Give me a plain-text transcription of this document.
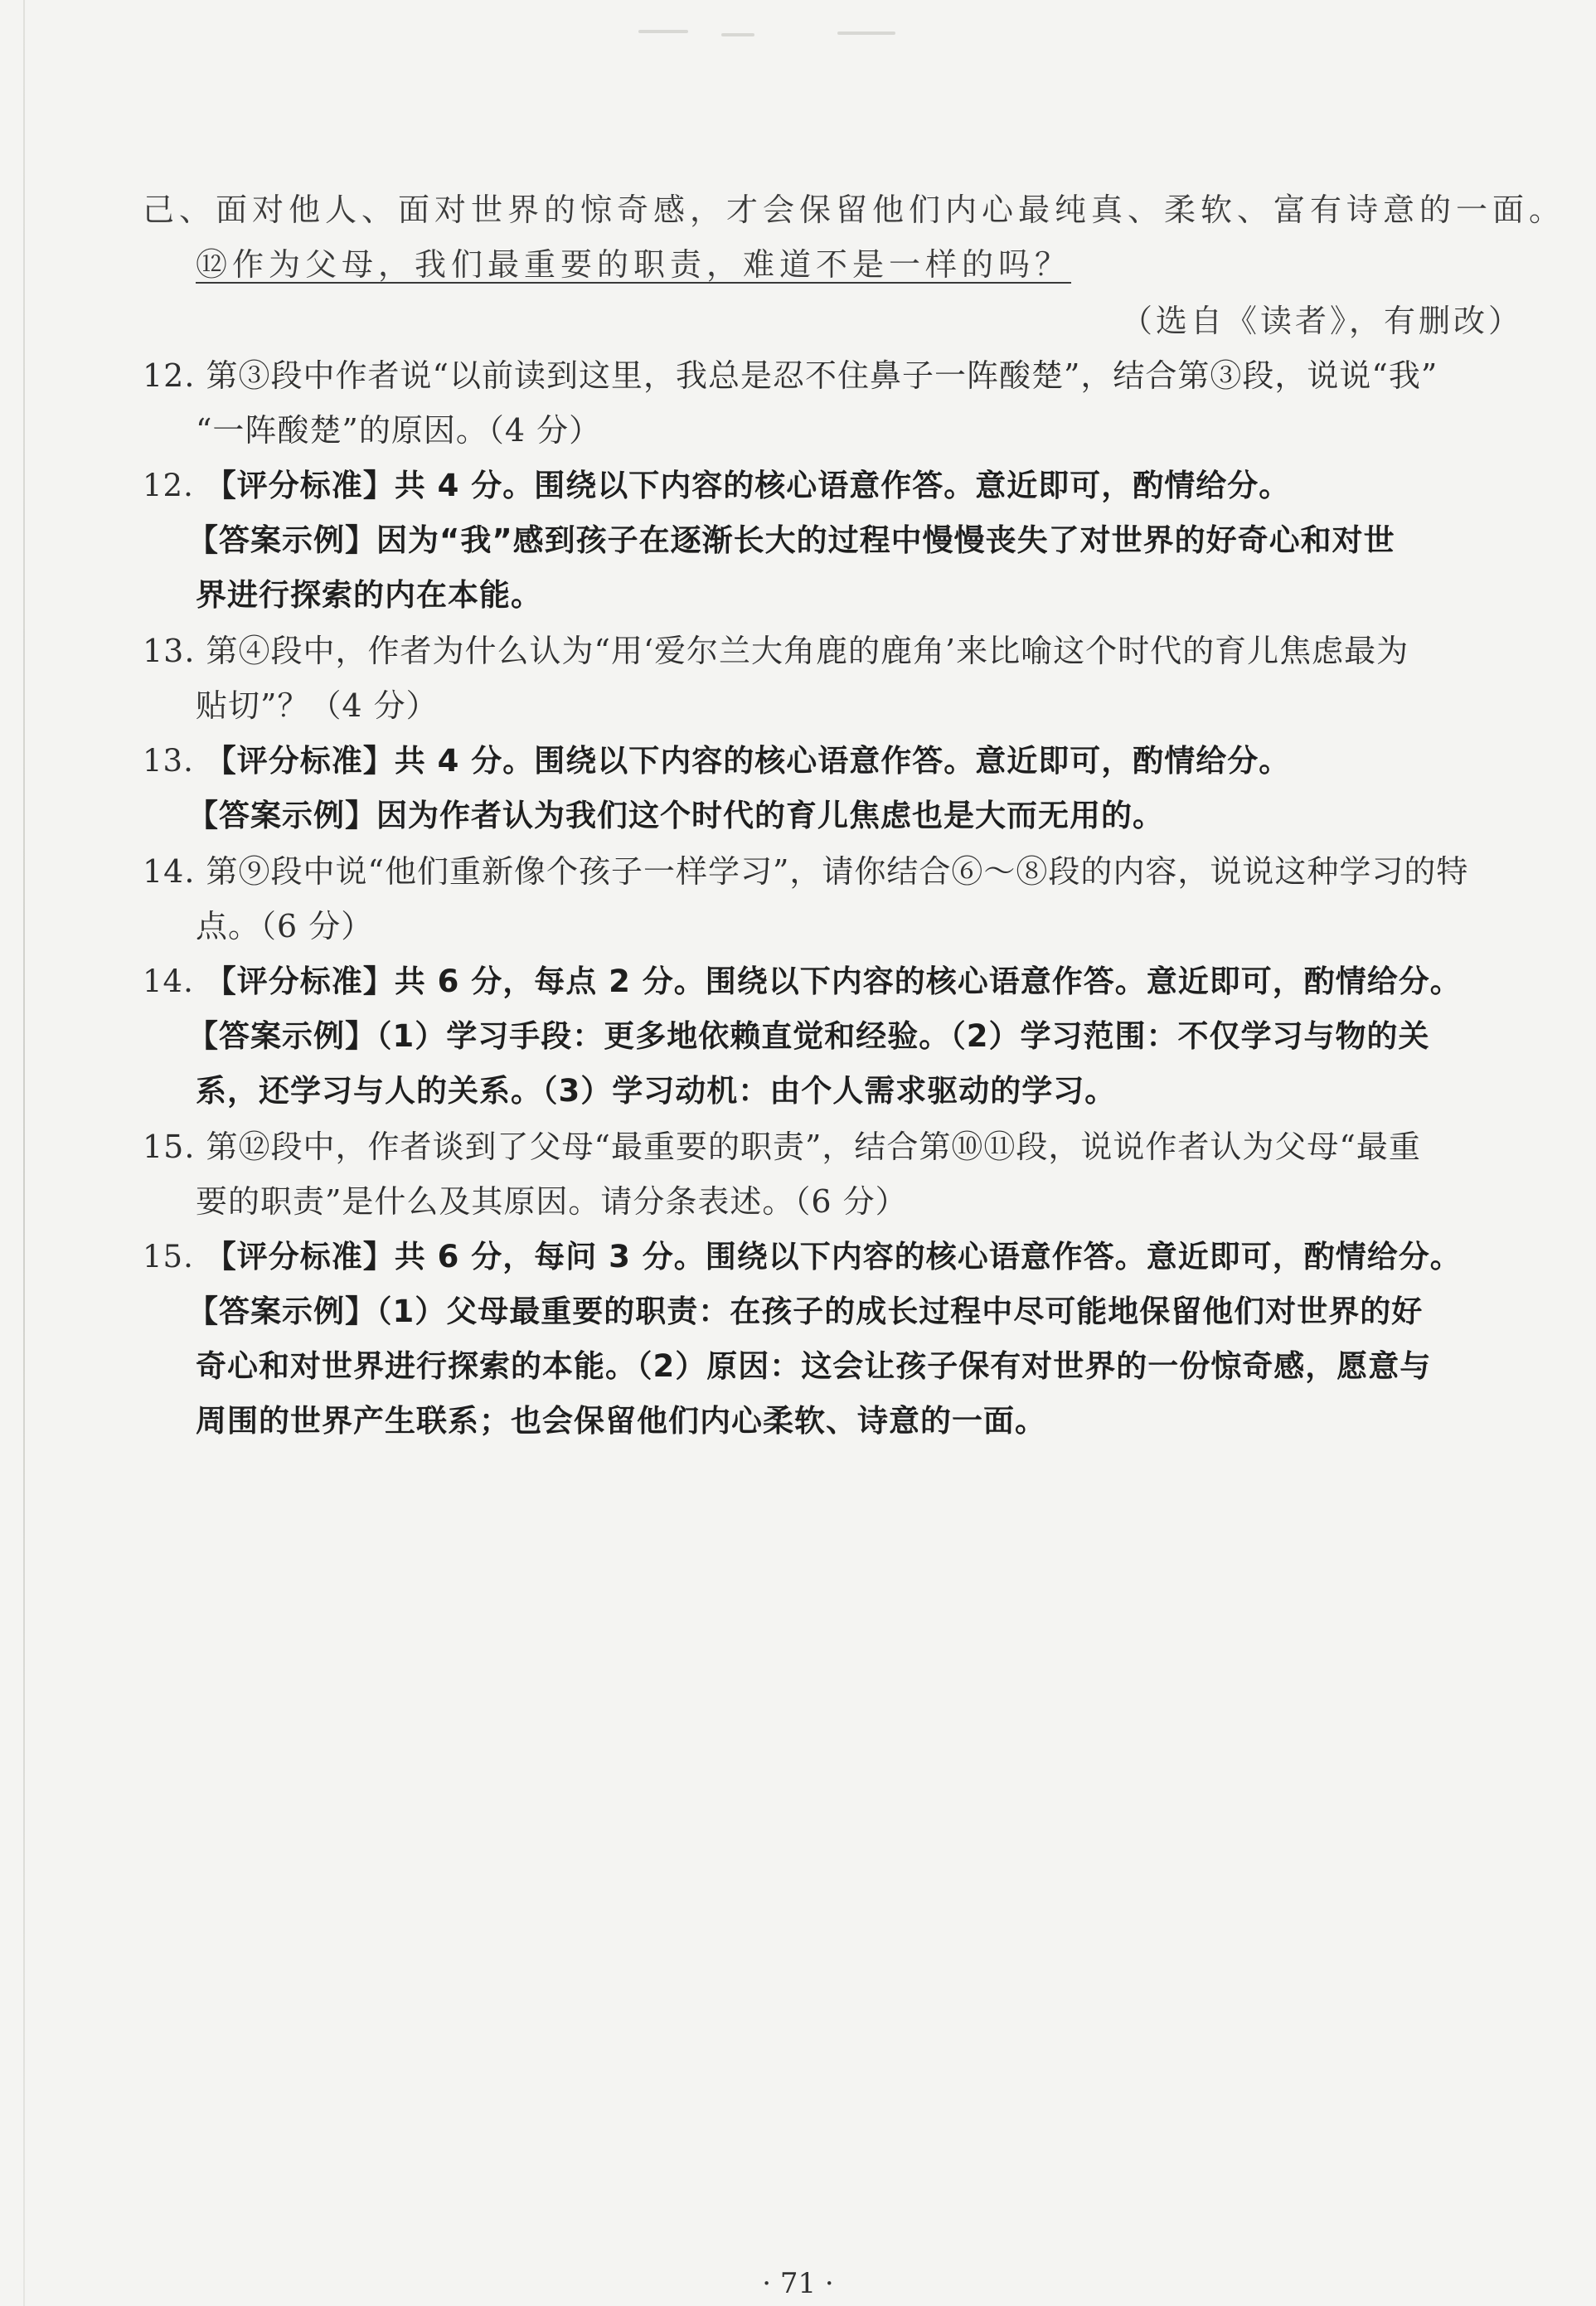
己、面对他人、面对世界的惊奇感，才会保留他们内心最纯真、柔软、富有诗意的一面。
⑫作为父母，我们最重要的职责，难道不是一样的吗？
（选自《读者》，有删改）
12. 第③段中作者说“以前读到这里，我总是忍不住鼻子一阵酸楚”，结合第③段，说说“我”
“一阵酸楚”的原因。（4 分）
12. 【评分标准】共 4 分。围绕以下内容的核心语意作答。意近即可，酌情给分。
【答案示例】因为“我”感到孩子在逐渐长大的过程中慢慢丧失了对世界的好奇心和对世
界进行探索的内在本能。
13. 第④段中，作者为什么认为“用‘爱尔兰大角鹿的鹿角’来比喻这个时代的育儿焦虑最为
贴切”？（4 分）
13. 【评分标准】共 4 分。围绕以下内容的核心语意作答。意近即可，酌情给分。
【答案示例】因为作者认为我们这个时代的育儿焦虑也是大而无用的。
14. 第⑨段中说“他们重新像个孩子一样学习”，请你结合⑥～⑧段的内容，说说这种学习的特
点。（6 分）
14. 【评分标准】共 6 分，每点 2 分。围绕以下内容的核心语意作答。意近即可，酌情给分。
【答案示例】（1）学习手段：更多地依赖直觉和经验。（2）学习范围：不仅学习与物的关
系，还学习与人的关系。（3）学习动机：由个人需求驱动的学习。
15. 第⑫段中，作者谈到了父母“最重要的职责”，结合第⑩⑪段，说说作者认为父母“最重
要的职责”是什么及其原因。请分条表述。（6 分）
15. 【评分标准】共 6 分，每问 3 分。围绕以下内容的核心语意作答。意近即可，酌情给分。
【答案示例】（1）父母最重要的职责：在孩子的成长过程中尽可能地保留他们对世界的好
奇心和对世界进行探索的本能。（2）原因：这会让孩子保有对世界的一份惊奇感，愿意与
周围的世界产生联系；也会保留他们内心柔软、诗意的一面。
· 71 ·
